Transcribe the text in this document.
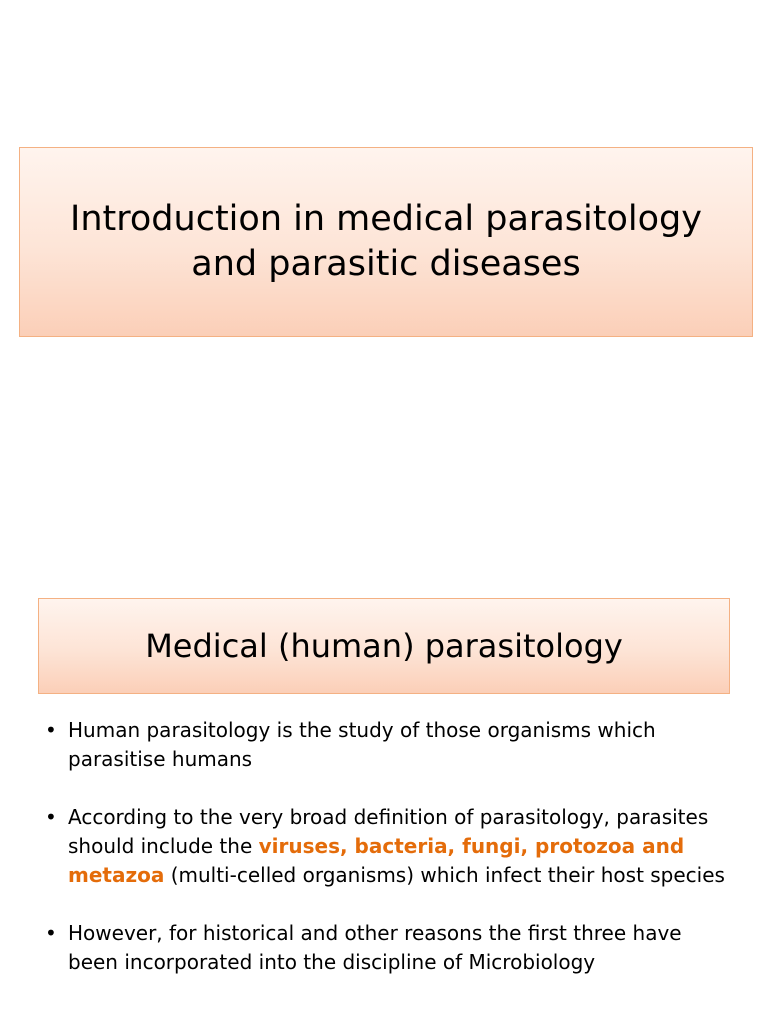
Introduction in medical parasitology
and parasitic diseases
Medical (human) parasitology
• Human parasitology is the study of those organisms which parasitise humans
• According to the very broad definition of parasitology, parasites should include the viruses, bacteria, fungi, protozoa and metazoa (multi-celled organisms) which infect their host species
• However, for historical and other reasons the first three have been incorporated into the discipline of Microbiology
